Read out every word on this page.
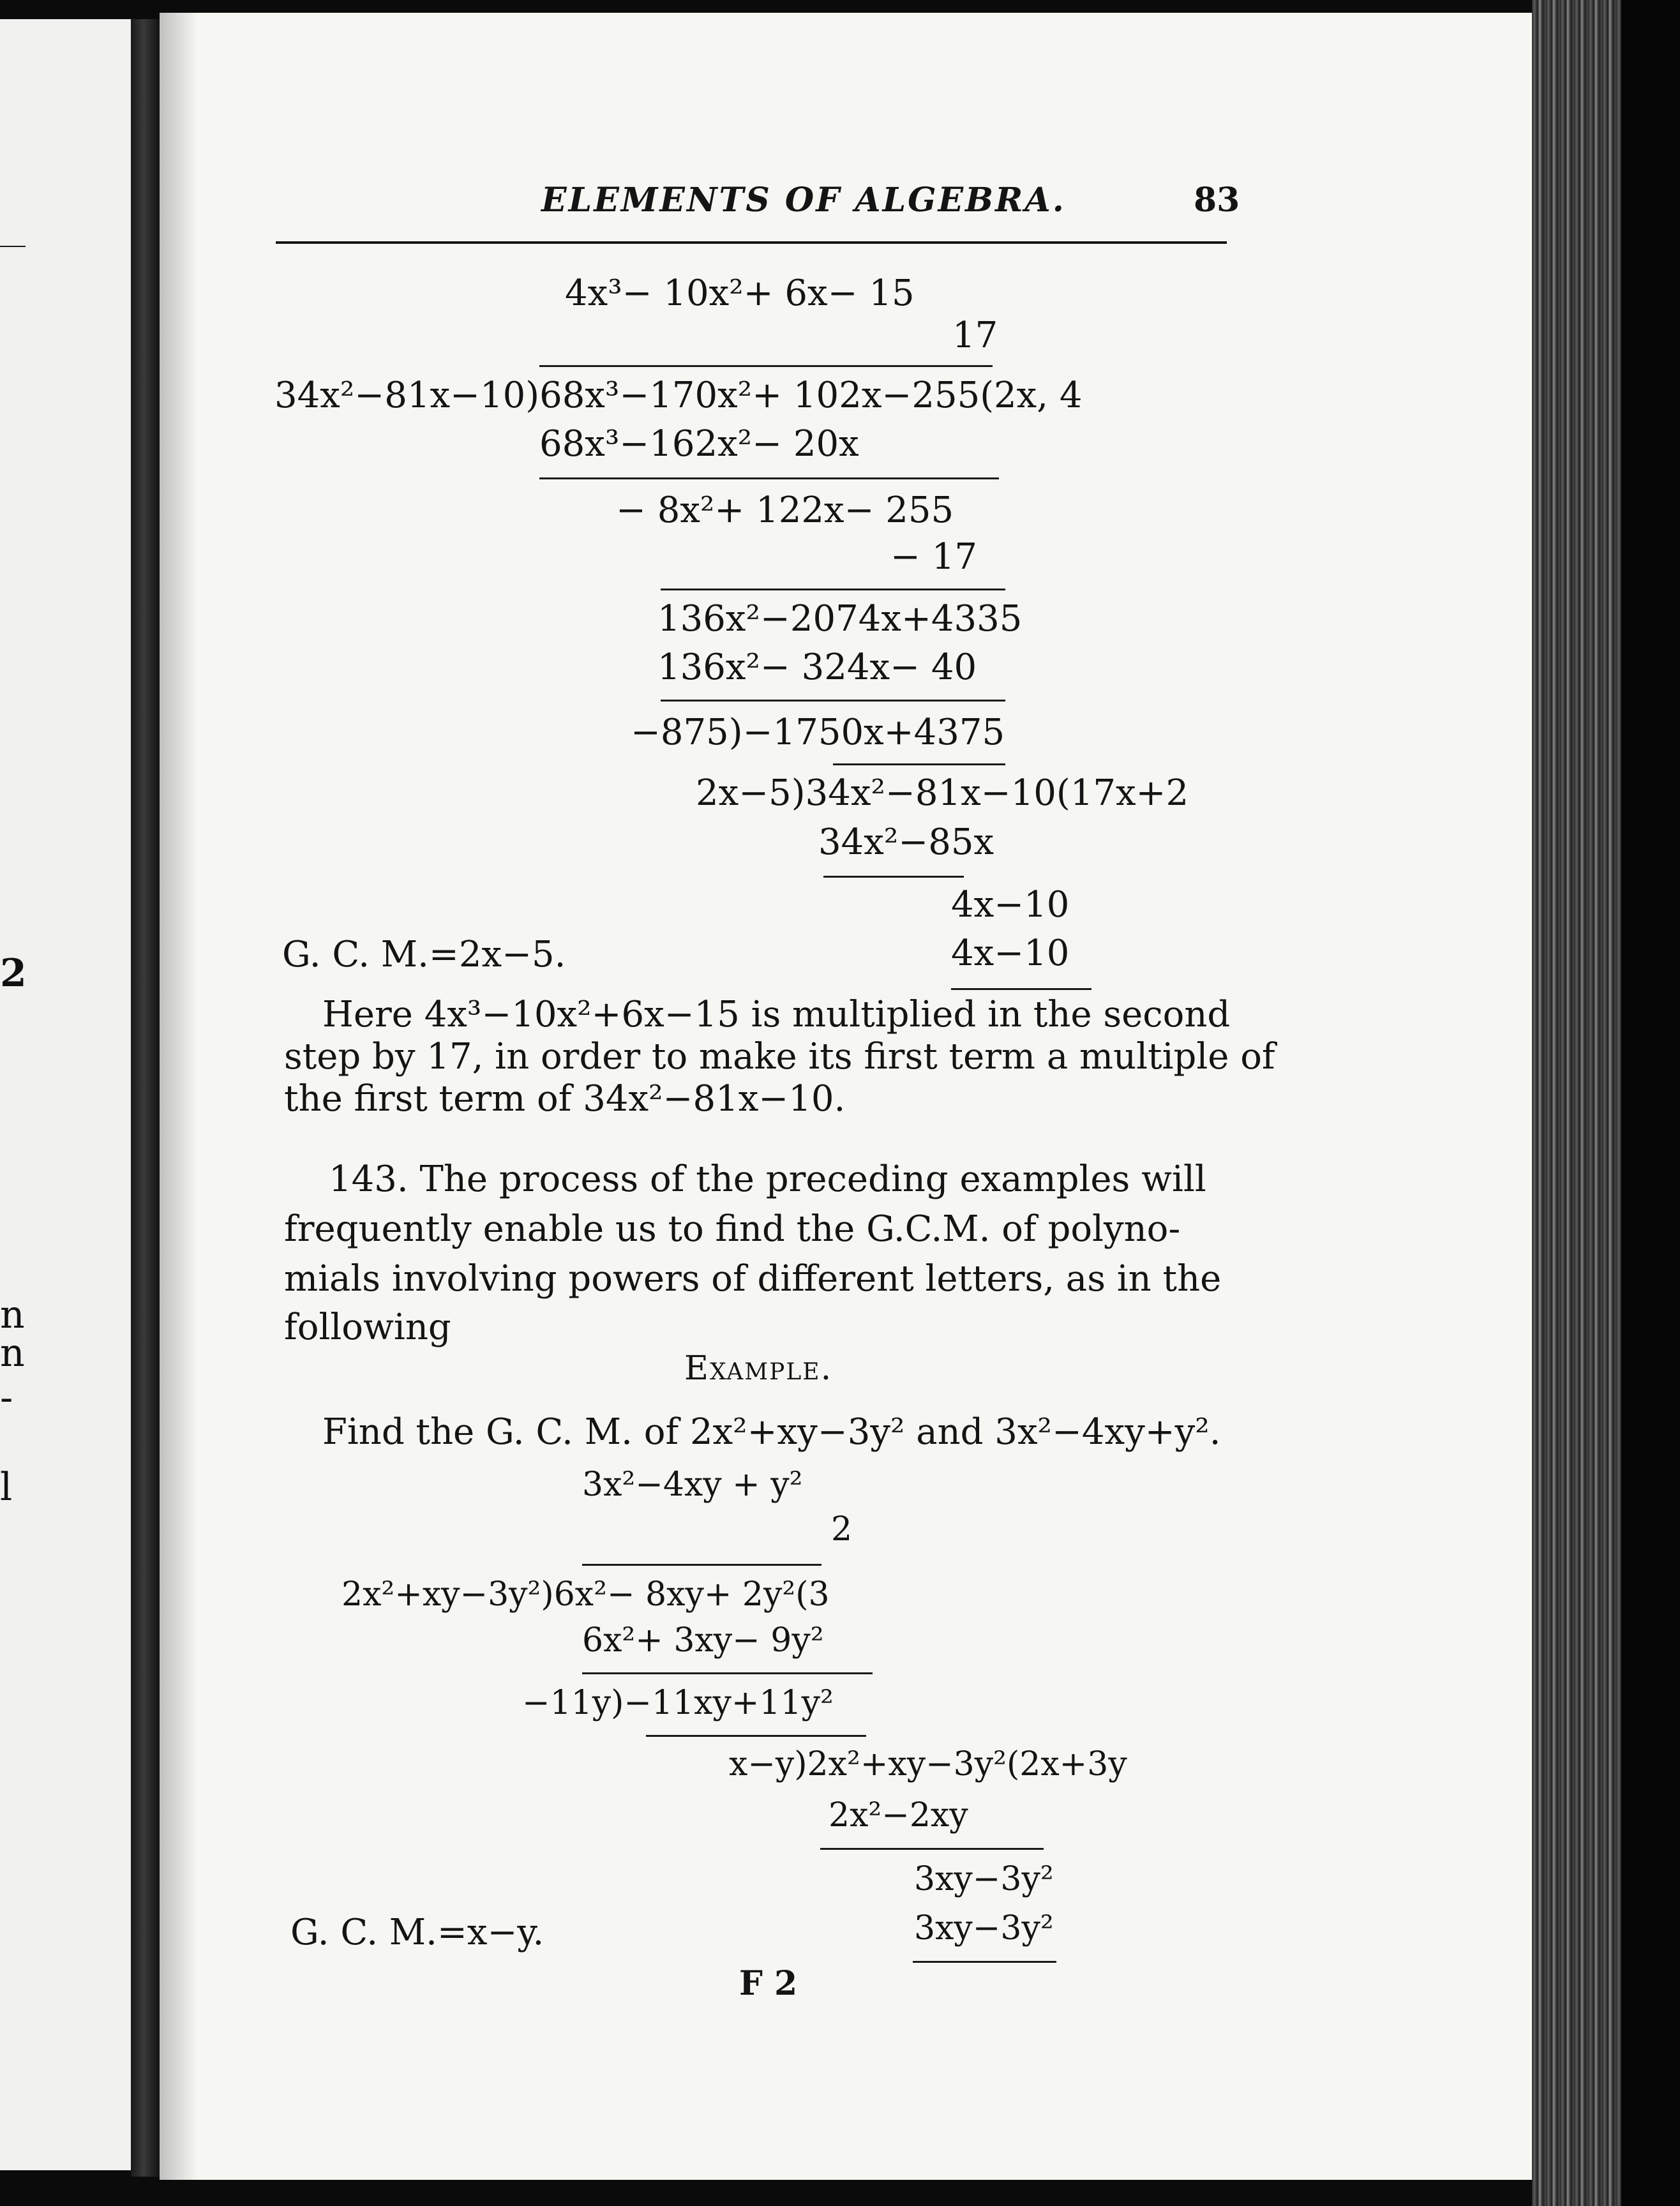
2
n
n
-
l
ELEMENTS OF ALGEBRA.	83
4x³− 10x²+ 6x− 15
17
34x²−81x−10)68x³−170x²+ 102x−255(2x, 4
68x³−162x²− 20x
− 8x²+ 122x− 255
− 17
136x²−2074x+4335
136x²− 324x− 40
−875)−1750x+4375
2x−5)34x²−81x−10(17x+2
34x²−85x
4x−10
G. C. M.=2x−5.	4x−10
Here 4x³−10x²+6x−15 is multiplied in the second
step by 17, in order to make its first term a multiple of
the first term of 34x²−81x−10.
143. The process of the preceding examples will
frequently enable us to find the G.C.M. of polyno-
mials involving powers of different letters, as in the
following
Example.
Find the G. C. M. of 2x²+xy−3y² and 3x²−4xy+y².
3x²−4xy + y²
2
2x²+xy−3y²)6x²− 8xy+ 2y²(3
6x²+ 3xy− 9y²
−11y)−11xy+11y²
x−y)2x²+xy−3y²(2x+3y
2x²−2xy
3xy−3y²
G. C. M.=x−y.	3xy−3y²
F 2
